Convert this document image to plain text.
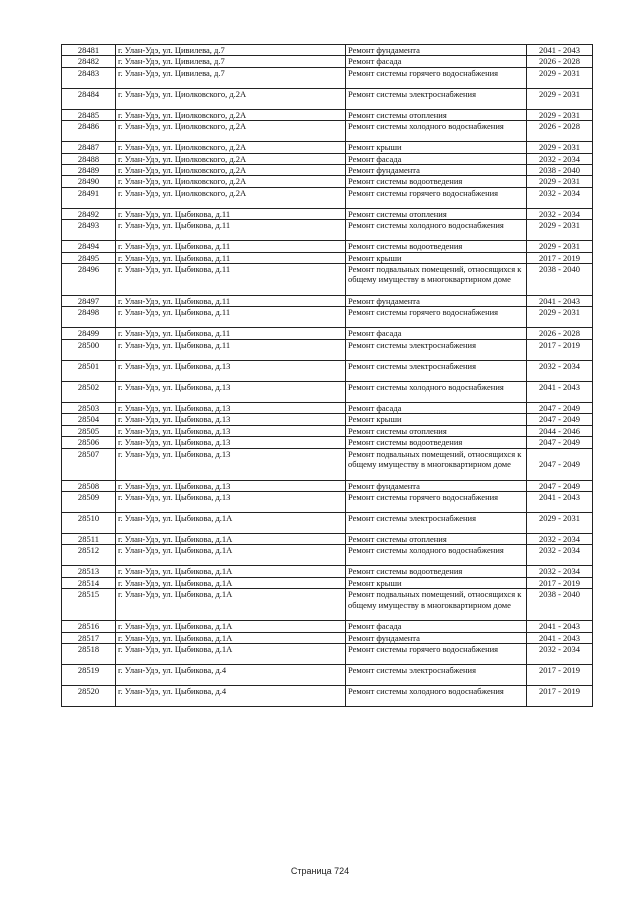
28481	г. Улан-Удэ, ул. Цивилева, д.7	Ремонт фундамента	2041 - 2043
28482	г. Улан-Удэ, ул. Цивилева, д.7	Ремонт фасада	2026 - 2028
28483	г. Улан-Удэ, ул. Цивилева, д.7	Ремонт системы горячего водоснабжения	2029 - 2031
28484	г. Улан-Удэ, ул. Циолковского, д.2А	Ремонт системы электроснабжения	2029 - 2031
28485	г. Улан-Удэ, ул. Циолковского, д.2А	Ремонт системы отопления	2029 - 2031
28486	г. Улан-Удэ, ул. Циолковского, д.2А	Ремонт системы холодного водоснабжения	2026 - 2028
28487	г. Улан-Удэ, ул. Циолковского, д.2А	Ремонт крыши	2029 - 2031
28488	г. Улан-Удэ, ул. Циолковского, д.2А	Ремонт фасада	2032 - 2034
28489	г. Улан-Удэ, ул. Циолковского, д.2А	Ремонт фундамента	2038 - 2040
28490	г. Улан-Удэ, ул. Циолковского, д.2А	Ремонт системы водоотведения	2029 - 2031
28491	г. Улан-Удэ, ул. Циолковского, д.2А	Ремонт системы горячего водоснабжения	2032 - 2034
28492	г. Улан-Удэ, ул. Цыбикова, д.11	Ремонт системы отопления	2032 - 2034
28493	г. Улан-Удэ, ул. Цыбикова, д.11	Ремонт системы холодного водоснабжения	2029 - 2031
28494	г. Улан-Удэ, ул. Цыбикова, д.11	Ремонт системы водоотведения	2029 - 2031
28495	г. Улан-Удэ, ул. Цыбикова, д.11	Ремонт крыши	2017 - 2019
28496	г. Улан-Удэ, ул. Цыбикова, д.11	Ремонт подвальных помещений, относящихся к общему имуществу в многоквартирном доме	2038 - 2040
28497	г. Улан-Удэ, ул. Цыбикова, д.11	Ремонт фундамента	2041 - 2043
28498	г. Улан-Удэ, ул. Цыбикова, д.11	Ремонт системы горячего водоснабжения	2029 - 2031
28499	г. Улан-Удэ, ул. Цыбикова, д.11	Ремонт фасада	2026 - 2028
28500	г. Улан-Удэ, ул. Цыбикова, д.11	Ремонт системы электроснабжения	2017 - 2019
28501	г. Улан-Удэ, ул. Цыбикова, д.13	Ремонт системы электроснабжения	2032 - 2034
28502	г. Улан-Удэ, ул. Цыбикова, д.13	Ремонт системы холодного водоснабжения	2041 - 2043
28503	г. Улан-Удэ, ул. Цыбикова, д.13	Ремонт фасада	2047 - 2049
28504	г. Улан-Удэ, ул. Цыбикова, д.13	Ремонт крыши	2047 - 2049
28505	г. Улан-Удэ, ул. Цыбикова, д.13	Ремонт системы отопления	2044 - 2046
28506	г. Улан-Удэ, ул. Цыбикова, д.13	Ремонт системы водоотведения	2047 - 2049
28507	г. Улан-Удэ, ул. Цыбикова, д.13	Ремонт подвальных помещений, относящихся к общему имуществу в многоквартирном доме	2047 - 2049
28508	г. Улан-Удэ, ул. Цыбикова, д.13	Ремонт фундамента	2047 - 2049
28509	г. Улан-Удэ, ул. Цыбикова, д.13	Ремонт системы горячего водоснабжения	2041 - 2043
28510	г. Улан-Удэ, ул. Цыбикова, д.1А	Ремонт системы электроснабжения	2029 - 2031
28511	г. Улан-Удэ, ул. Цыбикова, д.1А	Ремонт системы отопления	2032 - 2034
28512	г. Улан-Удэ, ул. Цыбикова, д.1А	Ремонт системы холодного водоснабжения	2032 - 2034
28513	г. Улан-Удэ, ул. Цыбикова, д.1А	Ремонт системы водоотведения	2032 - 2034
28514	г. Улан-Удэ, ул. Цыбикова, д.1А	Ремонт крыши	2017 - 2019
28515	г. Улан-Удэ, ул. Цыбикова, д.1А	Ремонт подвальных помещений, относящихся к общему имуществу в многоквартирном доме	2038 - 2040
28516	г. Улан-Удэ, ул. Цыбикова, д.1А	Ремонт фасада	2041 - 2043
28517	г. Улан-Удэ, ул. Цыбикова, д.1А	Ремонт фундамента	2041 - 2043
28518	г. Улан-Удэ, ул. Цыбикова, д.1А	Ремонт системы горячего водоснабжения	2032 - 2034
28519	г. Улан-Удэ, ул. Цыбикова, д.4	Ремонт системы электроснабжения	2017 - 2019
28520	г. Улан-Удэ, ул. Цыбикова, д.4	Ремонт системы холодного водоснабжения	2017 - 2019
Страница 724
